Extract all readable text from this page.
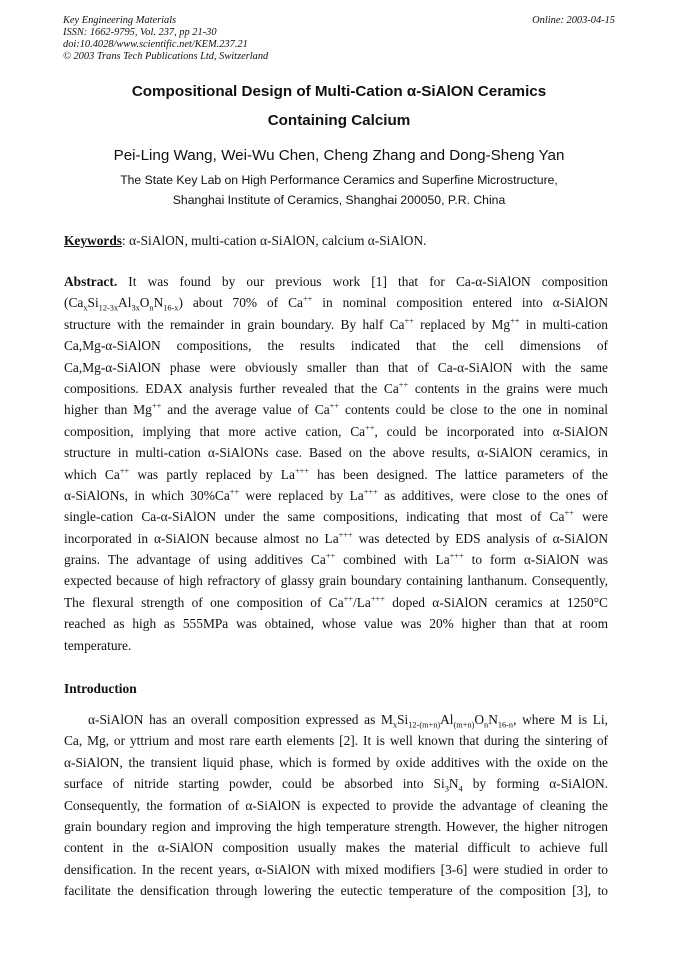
Key Engineering Materials
ISSN: 1662-9795, Vol. 237, pp 21-30
doi:10.4028/www.scientific.net/KEM.237.21
© 2003 Trans Tech Publications Ltd, Switzerland
Online: 2003-04-15
Compositional Design of Multi-Cation α-SiAlON Ceramics
Containing Calcium
Pei-Ling Wang, Wei-Wu Chen, Cheng Zhang and Dong-Sheng Yan
The State Key Lab on High Performance Ceramics and Superfine Microstructure,
Shanghai Institute of Ceramics, Shanghai 200050, P.R. China
Keywords: α-SiAlON, multi-cation α-SiAlON, calcium α-SiAlON.
Abstract. It was found by our previous work [1] that for Ca-α-SiAlON composition
$(Ca_xSi_{12-3x}Al_{3x}O_nN_{16-x})$ about 70% of Ca++ in nominal composition entered into α-SiAlON
structure with the remainder in grain boundary. By half Ca++ replaced by Mg++ in multi-cation
Ca,Mg-α-SiAlON compositions, the results indicated that the cell dimensions of
Ca,Mg-α-SiAlON phase were obviously smaller than that of Ca-α-SiAlON with the same
compositions. EDAX analysis further revealed that the Ca++ contents in the grains were much
higher than Mg++ and the average value of Ca++ contents could be close to the one in nominal
composition, implying that more active cation, Ca++, could be incorporated into α-SiAlON
structure in multi-cation α-SiAlONs case. Based on the above results, α-SiAlON ceramics, in
which Ca++ was partly replaced by La+++ has been designed. The lattice parameters of the
α-SiAlONs, in which 30%Ca++ were replaced by La+++ as additives, were close to the ones of
single-cation Ca-α-SiAlON under the same compositions, indicating that most of Ca++ were
incorporated in α-SiAlON because almost no La+++ was detected by EDS analysis of α-SiAlON
grains. The advantage of using additives Ca++ combined with La+++ to form α-SiAlON was
expected because of high refractory of glassy grain boundary containing lanthanum. Consequently,
The flexural strength of one composition of Ca++/La+++ doped α-SiAlON ceramics at 1250°C
reached as high as 555MPa was obtained, whose value was 20% higher than that at room
temperature.
Introduction
α-SiAlON has an overall composition expressed as $M_xSi_{12-(m+n)}Al_{(m+n)}O_nN_{16-n}$, where M is Li,
Ca, Mg, or yttrium and most rare earth elements [2]. It is well known that during the sintering of
α-SiAlON, the transient liquid phase, which is formed by oxide additives with the oxide on the
surface of nitride starting powder, could be absorbed into $Si_3N_4$ by forming α-SiAlON.
Consequently, the formation of α-SiAlON is expected to provide the advantage of cleaning the
grain boundary region and improving the high temperature strength. However, the higher nitrogen
content in the α-SiAlON composition usually makes the material difficult to achieve full
densification. In the recent years, α-SiAlON with mixed modifiers [3-6] were studied in order to
facilitate the densification through lowering the eutectic temperature of the composition [3], to
